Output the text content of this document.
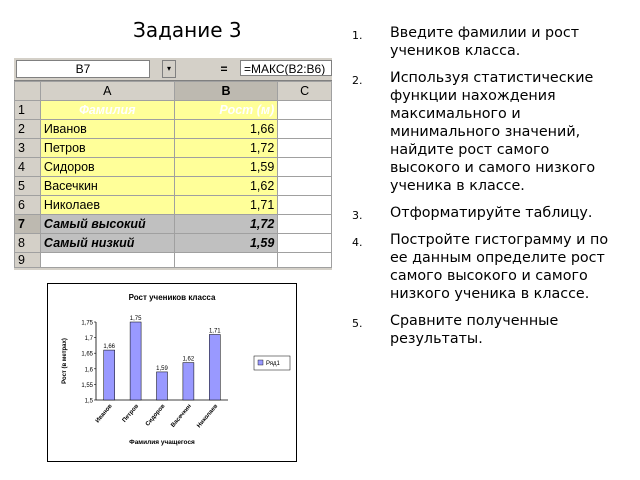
Задание 3
B7	▾	=	=МАКС(B2:B6)
	A	B	C
1	Фамилия	Рост (м)	
2	Иванов	1,66	
3	Петров	1,72	
4	Сидоров	1,59	
5	Васечкин	1,62	
6	Николаев	1,71	
7	Самый высокий	1,72	
8	Самый низкий	1,59	
9			
Рост учеников класса
1,5
1,55
1,6
1,65
1,7
1,75
Рост (в метрах)	1,66
Иванов
1,75
Петров
1,59
Сидоров
1,62
Васечкин
1,71
Николаев
Фамилия учащегося
Ряд1
1. Введите фамилии и рост учеников класса.
2. Используя статистические функции нахождения максимального и минимального значений, найдите рост самого высокого и самого низкого ученика в классе.
3. Отформатируйте таблицу.
4. Постройте гистограмму и по ее данным определите рост самого высокого и самого низкого ученика в классе.
5. Сравните полученные результаты.
